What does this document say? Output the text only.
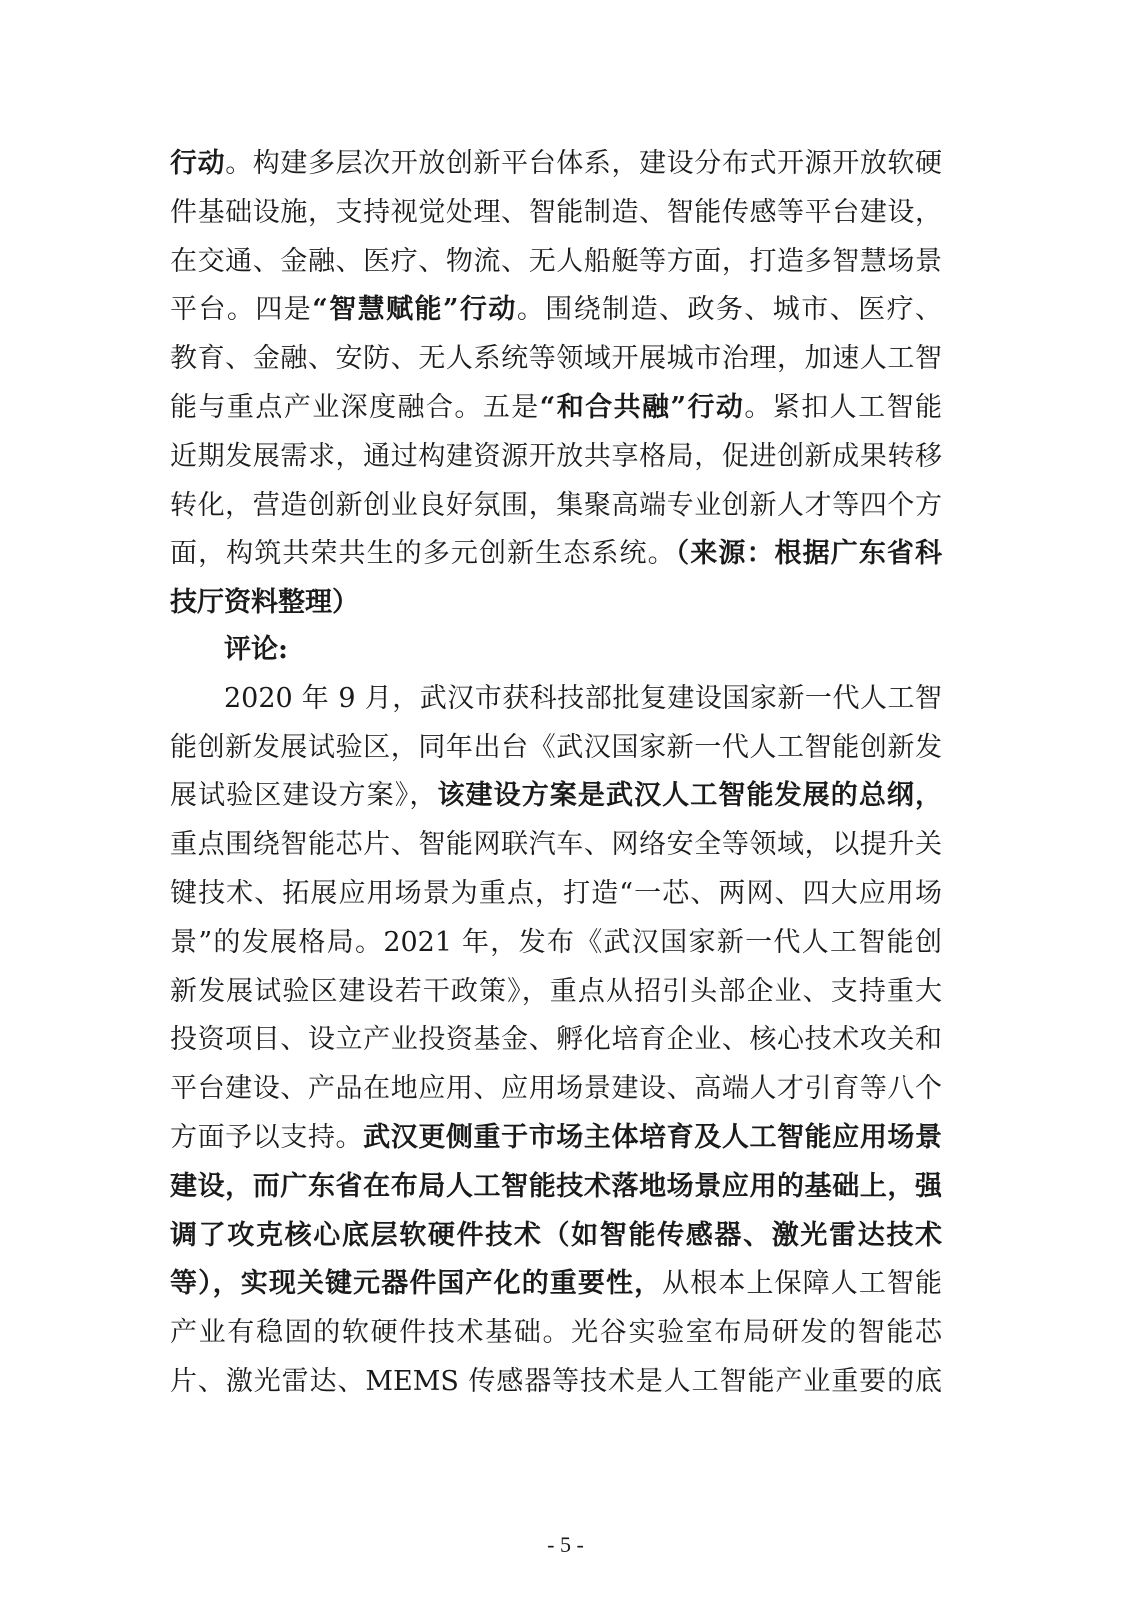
行动。构建多层次开放创新平台体系，建设分布式开源开放软硬
件基础设施，支持视觉处理、智能制造、智能传感等平台建设，
在交通、金融、医疗、物流、无人船艇等方面，打造多智慧场景
平台。四是“智慧赋能”行动。围绕制造、政务、城市、医疗、
教育、金融、安防、无人系统等领域开展城市治理，加速人工智
能与重点产业深度融合。五是“和合共融”行动。紧扣人工智能
近期发展需求，通过构建资源开放共享格局，促进创新成果转移
转化，营造创新创业良好氛围，集聚高端专业创新人才等四个方
面，构筑共荣共生的多元创新生态系统。（来源：根据广东省科
技厅资料整理）
评论:
2020 年 9 月，武汉市获科技部批复建设国家新一代人工智
能创新发展试验区，同年出台《武汉国家新一代人工智能创新发
展试验区建设方案》，该建设方案是武汉人工智能发展的总纲，
重点围绕智能芯片、智能网联汽车、网络安全等领域，以提升关
键技术、拓展应用场景为重点，打造“一芯、两网、四大应用场
景”的发展格局。2021 年，发布《武汉国家新一代人工智能创
新发展试验区建设若干政策》，重点从招引头部企业、支持重大
投资项目、设立产业投资基金、孵化培育企业、核心技术攻关和
平台建设、产品在地应用、应用场景建设、高端人才引育等八个
方面予以支持。武汉更侧重于市场主体培育及人工智能应用场景
建设，而广东省在布局人工智能技术落地场景应用的基础上，强
调了攻克核心底层软硬件技术（如智能传感器、激光雷达技术
等），实现关键元器件国产化的重要性，从根本上保障人工智能
产业有稳固的软硬件技术基础。光谷实验室布局研发的智能芯
片、激光雷达、MEMS 传感器等技术是人工智能产业重要的底
- 5 -
